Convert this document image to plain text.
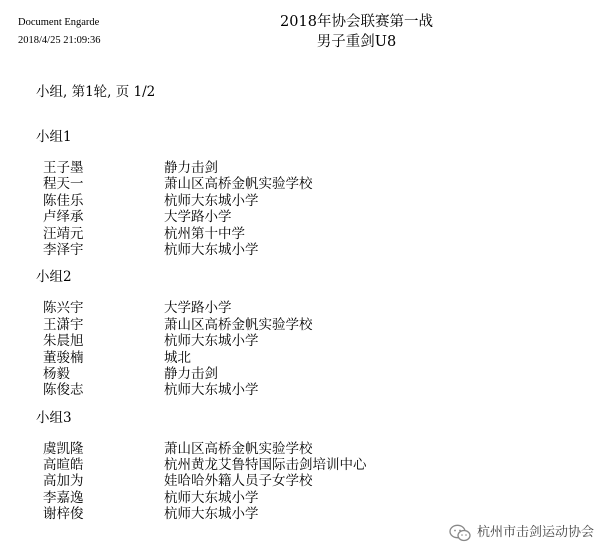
Document Engarde
2018/4/25 21:09:36
2018年协会联赛第一战
男子重剑U8
小组, 第1轮, 页 1/2
小组1
王子墨	静力击剑
程天一	萧山区高桥金帆实验学校
陈佳乐	杭师大东城小学
卢绎承	大学路小学
汪靖元	杭州第十中学
李泽宇	杭师大东城小学
小组2
陈兴宇	大学路小学
王潇宇	萧山区高桥金帆实验学校
朱晨旭	杭师大东城小学
董骏楠	城北
杨毅	静力击剑
陈俊志	杭师大东城小学
小组3
虞凯隆	萧山区高桥金帆实验学校
高暄皓	杭州黄龙艾鲁特国际击剑培训中心
高加为	娃哈哈外籍人员子女学校
李嘉逸	杭师大东城小学
谢梓俊	杭师大东城小学
杭州市击剑运动协会
